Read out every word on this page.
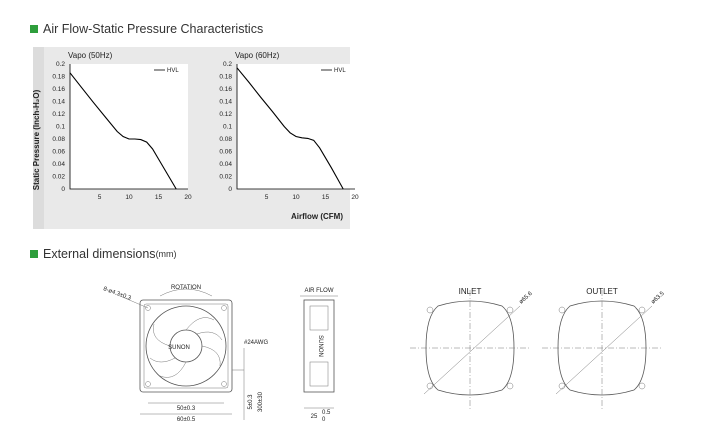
Air Flow-Static Pressure Characteristics
Static Pressure (Inch-H₂O)
Airflow (CFM)
Vapo (50Hz)
0
0.02
0.04
0.06
0.08
0.1
0.12
0.14
0.16
0.18
0.2
5	10	15	20
HVL
Vapo (60Hz)
0
0.02
0.04
0.06
0.08
0.1
0.12
0.14
0.16
0.18
0.2
5	10	15	20
HVL
External dimensions (mm)
ROTATION
8-ø4.3±0.3
SUNON
#24AWG
50±0.3
60±0.5
5±0.3 300±30
AIR FLOW
SUNON
25
0.5
0
INLET	ø65.6	OUTLET	ø63.5
